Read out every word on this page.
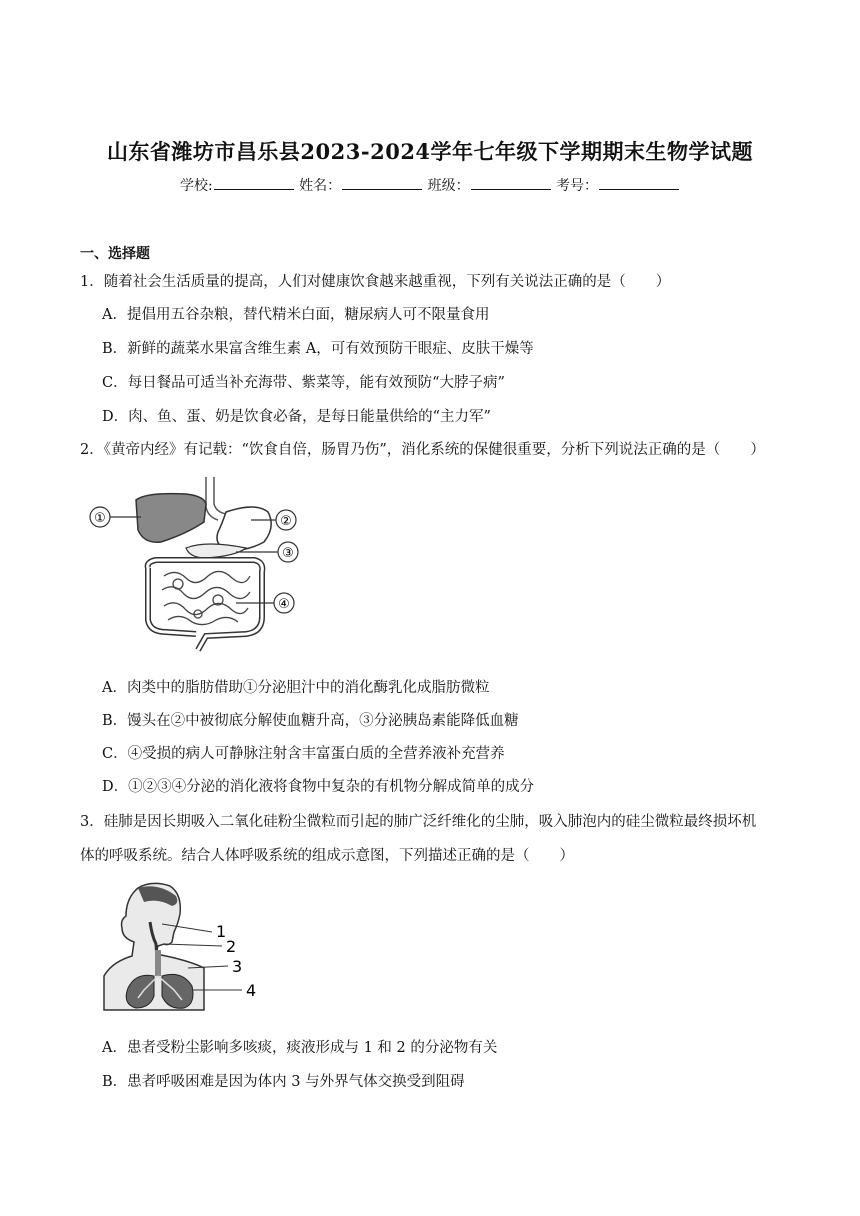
山东省潍坊市昌乐县2023-2024学年七年级下学期期末生物学试题
学校:	姓名：	班级：	考号：
一、选择题
1．随着社会生活质量的提高，人们对健康饮食越来越重视，下列有关说法正确的是（ ）
A．提倡用五谷杂粮，替代精米白面，糖尿病人可不限量食用
B．新鲜的蔬菜水果富含维生素 A，可有效预防干眼症、皮肤干燥等
C．每日餐品可适当补充海带、紫菜等，能有效预防“大脖子病”
D．肉、鱼、蛋、奶是饮食必备，是每日能量供给的“主力军”
2．《黄帝内经》有记载：“饮食自倍，肠胃乃伤”，消化系统的保健很重要，分析下列说法正确的是（ ）
①	②
③
④
A．肉类中的脂肪借助①分泌胆汁中的消化酶乳化成脂肪微粒
B．馒头在②中被彻底分解使血糖升高，③分泌胰岛素能降低血糖
C．④受损的病人可静脉注射含丰富蛋白质的全营养液补充营养
D．①②③④分泌的消化液将食物中复杂的有机物分解成简单的成分
3．硅肺是因长期吸入二氧化硅粉尘微粒而引起的肺广泛纤维化的尘肺，吸入肺泡内的硅尘微粒最终损坏机
体的呼吸系统。结合人体呼吸系统的组成示意图，下列描述正确的是（ ）
1
2
3
4
A．患者受粉尘影响多咳痰，痰液形成与 1 和 2 的分泌物有关
B．患者呼吸困难是因为体内 3 与外界气体交换受到阻碍
